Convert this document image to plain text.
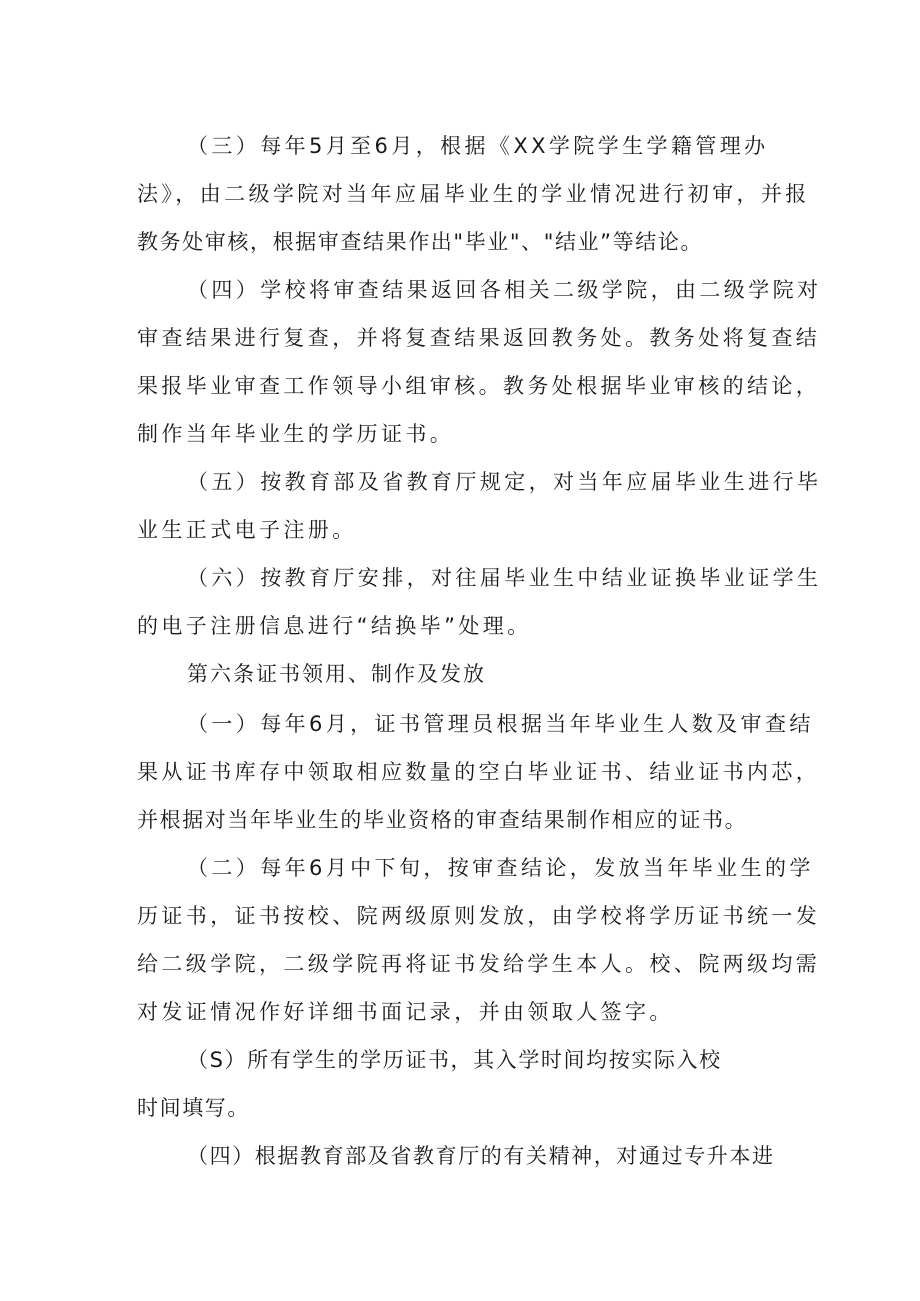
（三）每年5月至6月，根据《XX学院学生学籍管理办
法》，由二级学院对当年应届毕业生的学业情况进行初审，并报
教务处审核，根据审查结果作出"毕业"、"结业”等结论。
（四）学校将审查结果返回各相关二级学院，由二级学院对
审查结果进行复查，并将复查结果返回教务处。教务处将复查结
果报毕业审查工作领导小组审核。教务处根据毕业审核的结论，
制作当年毕业生的学历证书。
（五）按教育部及省教育厅规定，对当年应届毕业生进行毕
业生正式电子注册。
（六）按教育厅安排，对往届毕业生中结业证换毕业证学生
的电子注册信息进行“结换毕”处理。
第六条证书领用、制作及发放
（一）每年6月，证书管理员根据当年毕业生人数及审查结
果从证书库存中领取相应数量的空白毕业证书、结业证书内芯，
并根据对当年毕业生的毕业资格的审查结果制作相应的证书。
（二）每年6月中下旬，按审查结论，发放当年毕业生的学
历证书，证书按校、院两级原则发放，由学校将学历证书统一发
给二级学院，二级学院再将证书发给学生本人。校、院两级均需
对发证情况作好详细书面记录，并由领取人签字。
（S）所有学生的学历证书，其入学时间均按实际入校
时间填写。
（四）根据教育部及省教育厅的有关精神，对通过专升本进
